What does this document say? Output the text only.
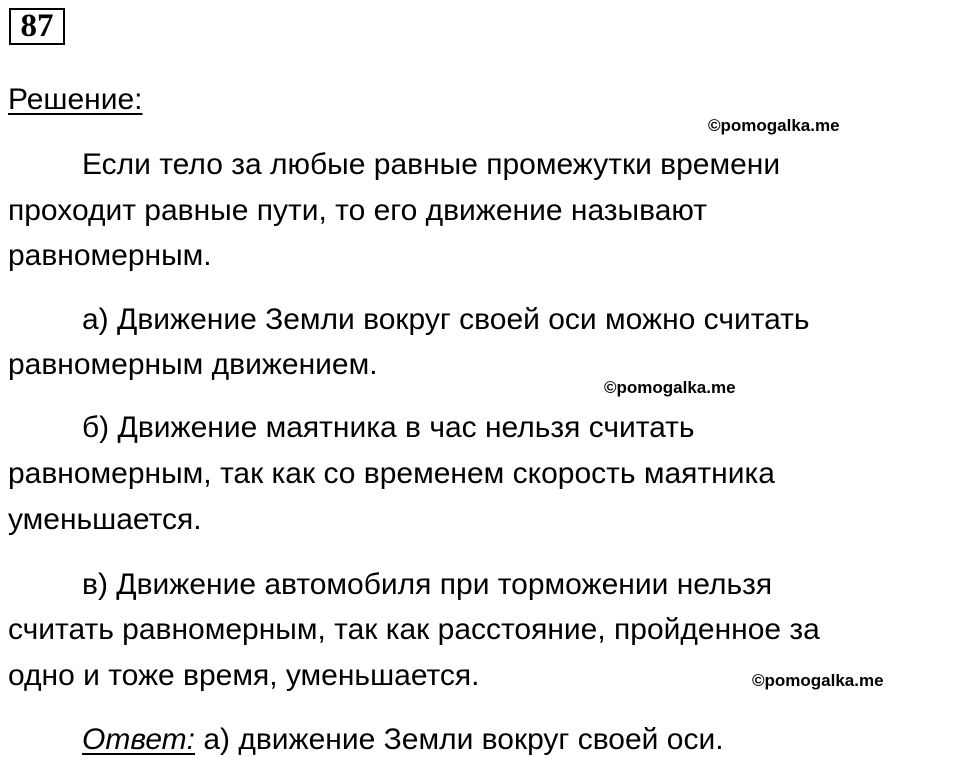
87
Решение:
©pomogalka.me
Если тело за любые равные промежутки времени
проходит равные пути, то его движение называют
равномерным.
а) Движение Земли вокруг своей оси можно считать
равномерным движением.
©pomogalka.me
б) Движение маятника в час нельзя считать
равномерным, так как со временем скорость маятника
уменьшается.
в) Движение автомобиля при торможении нельзя
считать равномерным, так как расстояние, пройденное за
одно и тоже время, уменьшается.	©pomogalka.me
Ответ: а) движение Земли вокруг своей оси.
